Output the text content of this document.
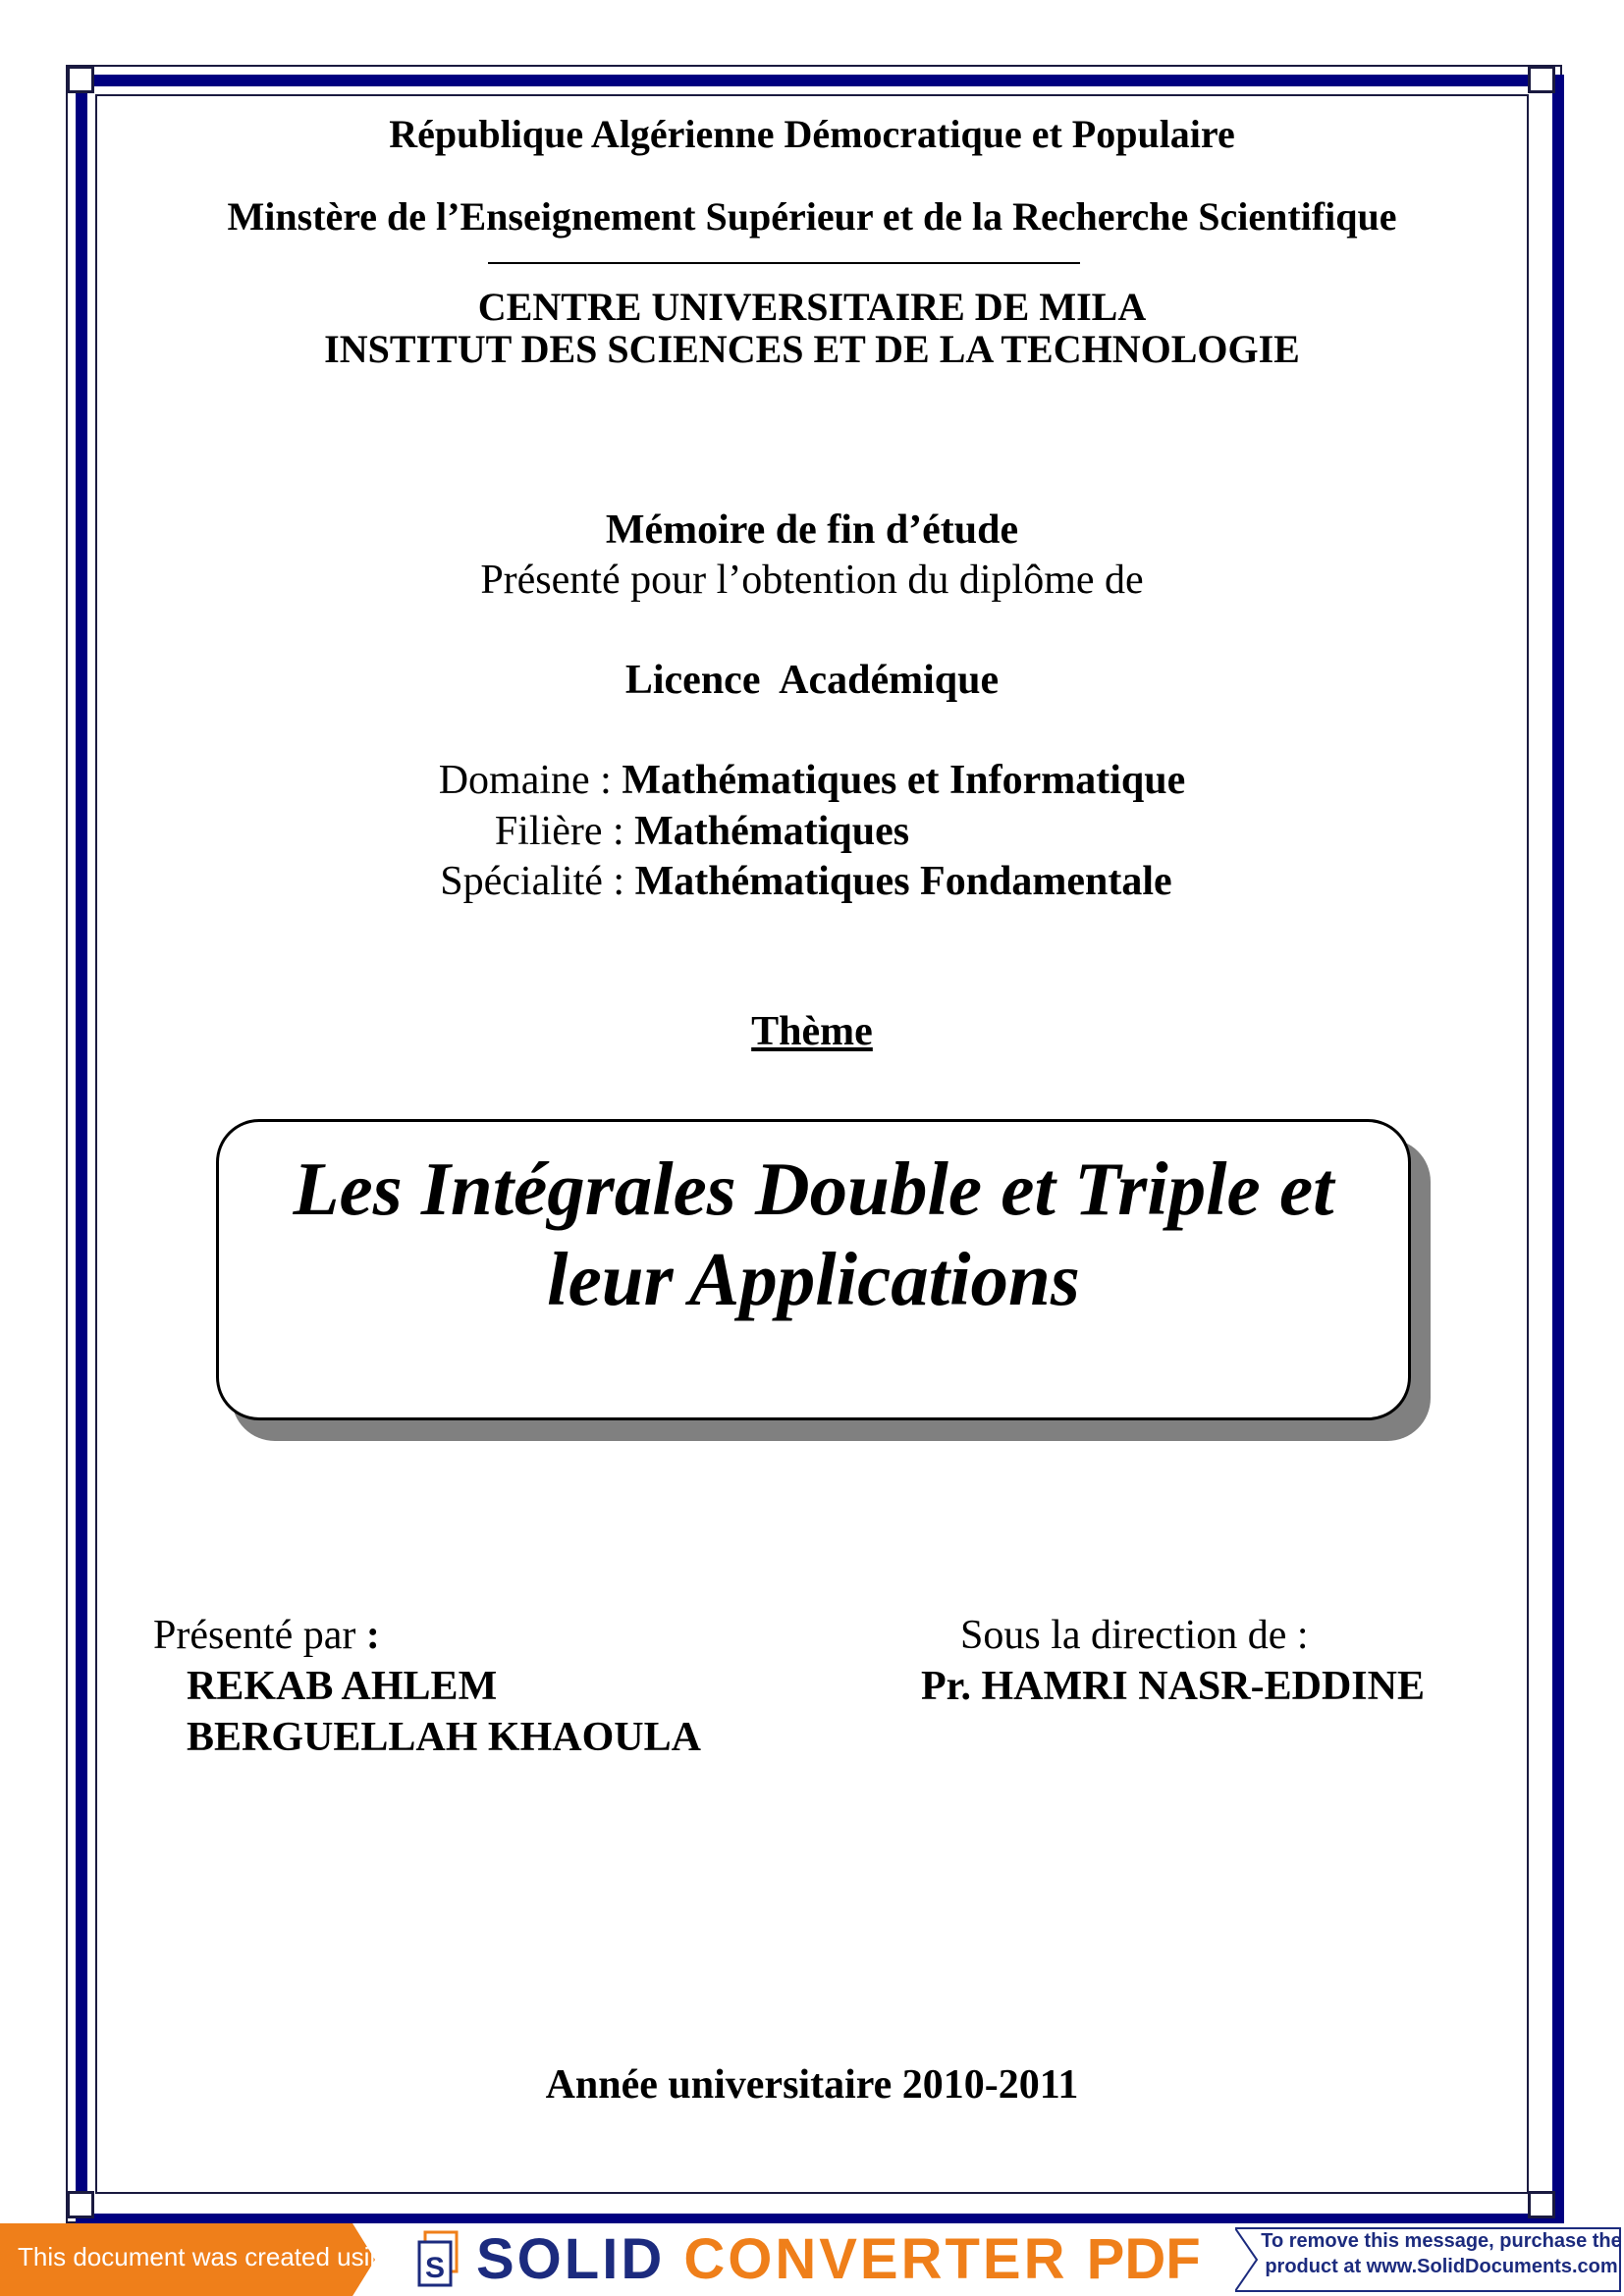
République Algérienne Démocratique et Populaire
Minstère de l’Enseignement Supérieur et de la Recherche Scientifique
CENTRE UNIVERSITAIRE DE MILA
INSTITUT DES SCIENCES ET DE LA TECHNOLOGIE
Mémoire de fin d’étude
Présenté pour l’obtention du diplôme de
Licence  Académique
Domaine : Mathématiques et Informatique
Filière : Mathématiques
Spécialité : Mathématiques Fondamentale
Thème
Les Intégrales Double et Triple et
leur Applications
Présenté par :
REKAB AHLEM
BERGUELLAH KHAOULA
Sous la direction de :
Pr. HAMRI NASR-EDDINE
Année universitaire 2010-2011
This document was created using S SOLID CONVERTER PDF	To remove this message, purchase the
product at www.SolidDocuments.com
